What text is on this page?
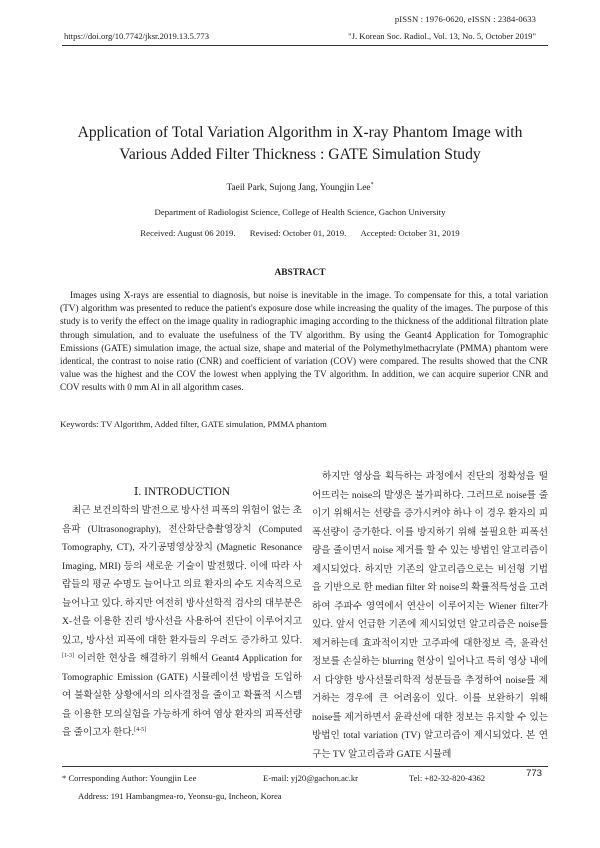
pISSN : 1976-0620, eISSN : 2384-0633
https://doi.org/10.7742/jksr.2019.13.5.773	"J. Korean Soc. Radiol., Vol. 13, No. 5, October 2019"
Application of Total Variation Algorithm in X-ray Phantom Image with
Various Added Filter Thickness : GATE Simulation Study
Taeil Park, Sujong Jang, Youngjin Lee*
Department of Radiologist Science, College of Health Science, Gachon University
Received: August 06 2019. Revised: October 01, 2019. Accepted: October 31, 2019
ABSTRACT

Images using X-rays are essential to diagnosis, but noise is inevitable in the image. To compensate for this, a total variation (TV) algorithm was presented to reduce the patient's exposure dose while increasing the quality of the images. The purpose of this study is to verify the effect on the image quality in radiographic imaging according to the thickness of the additional filtration plate through simulation, and to evaluate the usefulness of the TV algorithm. By using the Geant4 Application for Tomographic Emissions (GATE) simulation image, the actual size, shape and material of the Polymethylmethacrylate (PMMA) phantom were identical, the contrast to noise ratio (CNR) and coefficient of variation (COV) were compared. The results showed that the CNR value was the highest and the COV the lowest when applying the TV algorithm. In addition, we can acquire superior CNR and COV results with 0 mm Al in all algorithm cases.

Keywords: TV Algorithm, Added filter, GATE simulation, PMMA phantom
Ⅰ. INTRODUCTION

최근 보건의학의 발전으로 방사선 피폭의 위험이 없는 초음파 (Ultrasonography), 전산화단층촬영장치 (Computed Tomography, CT), 자기공명영상장치 (Magnetic Resonance Imaging, MRI) 등의 새로운 기술이 발전했다. 이에 따라 사람들의 평균 수명도 늘어나고 의료 환자의 수도 지속적으로 늘어나고 있다. 하지만 여전히 방사선학적 검사의 대부분은 X-선을 이용한 진리 방사선을 사용하여 진단이 이루어지고 있고, 방사선 피폭에 대한 환자들의 우려도 증가하고 있다.[1-3] 이러한 현상을 해결하기 위해서 Geant4 Application for Tomographic Emission (GATE) 시뮬레이션 방법을 도입하여 불확실한 상황에서의 의사결정을 줄이고 확률적 시스템을 이용한 모의실험을 가능하게 하여 염상 환자의 피폭선량을 줄이고자 한다.[4-5]

하지만 영상을 획득하는 과정에서 진단의 정확성을 떨어뜨리는 noise의 발생은 불가피하다. 그러므로 noise를 줄이기 위해서는 선량을 증가시켜야 하나 이 경우 환자의 피폭선량이 증가한다. 이를 방지하기 위해 불필요한 피폭선량을 줄이면서 noise 제거를 할 수 있는 방법인 알고리즘이 제시되었다. 하지만 기존의 알고리즘으로는 비선형 기법을 기반으로 한 median filter 와 noise의 확률적특성을 고려하여 주파수 영역에서 연산이 이루어지는 Wiener filter가 있다. 앞서 언급한 기존에 제시되었던 알고리즘은 noise를 제거하는데 효과적이지만 고주파에 대한정보 즉, 윤곽선 정보를 손실하는 blurring 현상이 일어나고 특히 영상 내에서 다양한 방사선물리학적 성분들을 추정하여 noise를 제거하는 경우에 큰 어려움이 있다. 이를 보완하기 위해 noise를 제거하면서 윤곽선에 대한 정보는 유지할 수 있는 방법인 total variation (TV) 알고리즘이 제시되었다. 본 연구는 TV 알고리즘과 GATE 시뮬레

* Corresponding Author: Youngjin Lee	E-mail: yj20@gachon.ac.kr	Tel: +82-32-820-4362
Address: 191 Hambangmea-ro, Yeonsu-gu, Incheon, Korea
773
